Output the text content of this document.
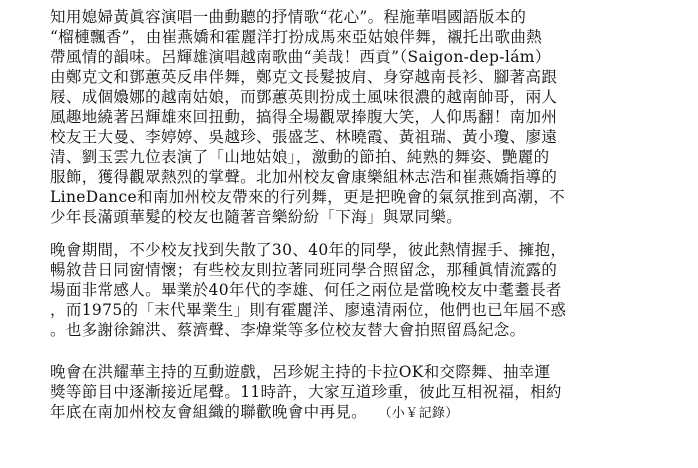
知用媳婦黃眞容演唱一曲動聽的抒情歌“花心”。程施華唱國語版本的
“榴槤飄香”，由崔燕嬌和霍麗洋打扮成馬來亞姑娘伴舞，襯托出歌曲熱
帶風情的韻味。呂輝雄演唱越南歌曲“美哉！西貢”（Saigon-dep-lám）
由鄭克文和鄧蕙英反串伴舞，鄭克文長髮披肩、身穿越南長衫、腳著高跟
屐、成個嬝娜的越南姑娘，而鄧蕙英則扮成土風味很濃的越南帥哥，兩人
風趣地繞著呂輝雄來回扭動，搞得全場觀眾捧腹大笑，人仰馬翻！南加州
校友王大曼、李婷婷、吳越珍、張盛芝、林曉霞、黃祖瑞、黃小瓊、廖遠
清、劉玉雲九位表演了「山地姑娘」，激動的節拍、純熟的舞姿、艷麗的
服飾，獲得觀眾熱烈的掌聲。北加州校友會康樂組林志浩和崔燕嬌指導的
LineDance和南加州校友帶來的行列舞，更是把晚會的氣氛推到高潮，不
少年長滿頭華髮的校友也隨著音樂紛紛「下海」與眾同樂。
晚會期間，不少校友找到失散了30、40年的同學，彼此熱情握手、擁抱，
暢敘昔日同窗情懷；有些校友則拉著同班同學合照留念，那種眞情流露的
場面非常感人。畢業於40年代的李雄、何任之兩位是當晚校友中耄耋長者
，而1975的「末代畢業生」則有霍麗洋、廖遠清兩位，他們也已年屆不惑
。也多謝徐錦洪、蔡濟聲、李煒棠等多位校友替大會拍照留爲紀念。
晚會在洪耀華主持的互動遊戲，呂珍妮主持的卡拉OK和交際舞、抽幸運
獎等節目中逐漸接近尾聲。11時許，大家互道珍重，彼此互相祝福，相約
年底在南加州校友會組織的聯歡晚會中再見。 （小￥記錄）
